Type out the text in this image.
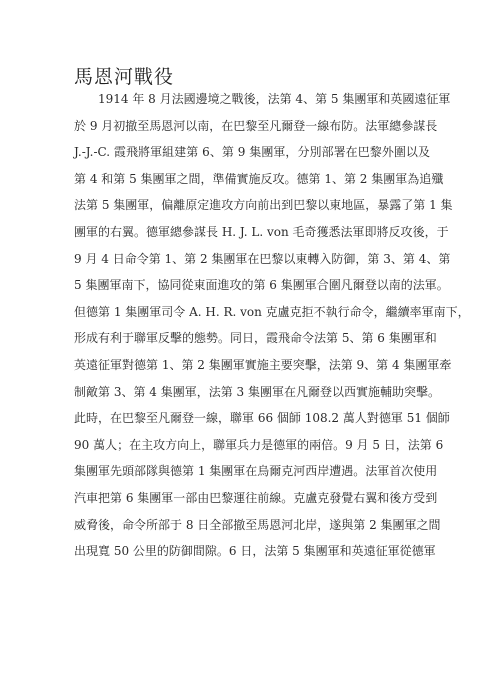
馬恩河戰役
1914 年 8 月法國邊境之戰後，法第 4、第 5 集團軍和英國遠征軍
於 9 月初撤至馬恩河以南，在巴黎至凡爾登一線布防。法軍總參謀長
J.-J.-C. 霞飛將軍組建第 6、第 9 集團軍，分別部署在巴黎外圍以及
第 4 和第 5 集團軍之間，準備實施反攻。德第 1、第 2 集團軍為追殲
法第 5 集團軍，偏離原定進攻方向前出到巴黎以東地區，暴露了第 1 集
團軍的右翼。德軍總參謀長 H. J. L. von 毛奇獲悉法軍即將反攻後，于
9 月 4 日命令第 1、第 2 集團軍在巴黎以東轉入防御，第 3、第 4、第
5 集團軍南下，協同從東面進攻的第 6 集團軍合圍凡爾登以南的法軍。
但德第 1 集團軍司令 A. H. R. von 克盧克拒不執行命令，繼續率軍南下，
形成有利于聯軍反擊的態勢。同日，霞飛命令法第 5、第 6 集團軍和
英遠征軍對德第 1、第 2 集團軍實施主要突擊，法第 9、第 4 集團軍牽
制敵第 3、第 4 集團軍，法第 3 集團軍在凡爾登以西實施輔助突擊。
此時，在巴黎至凡爾登一線，聯軍 66 個師 108.2 萬人對德軍 51 個師
90 萬人；在主攻方向上，聯軍兵力是德軍的兩倍。9 月 5 日，法第 6
集團軍先頭部隊與德第 1 集團軍在烏爾克河西岸遭遇。法軍首次使用
汽車把第 6 集團軍一部由巴黎運往前線。克盧克發覺右翼和後方受到
威脅後，命令所部于 8 日全部撤至馬恩河北岸，遂與第 2 集團軍之間
出現寬 50 公里的防御間隙。6 日，法第 5 集團軍和英遠征軍從德軍
